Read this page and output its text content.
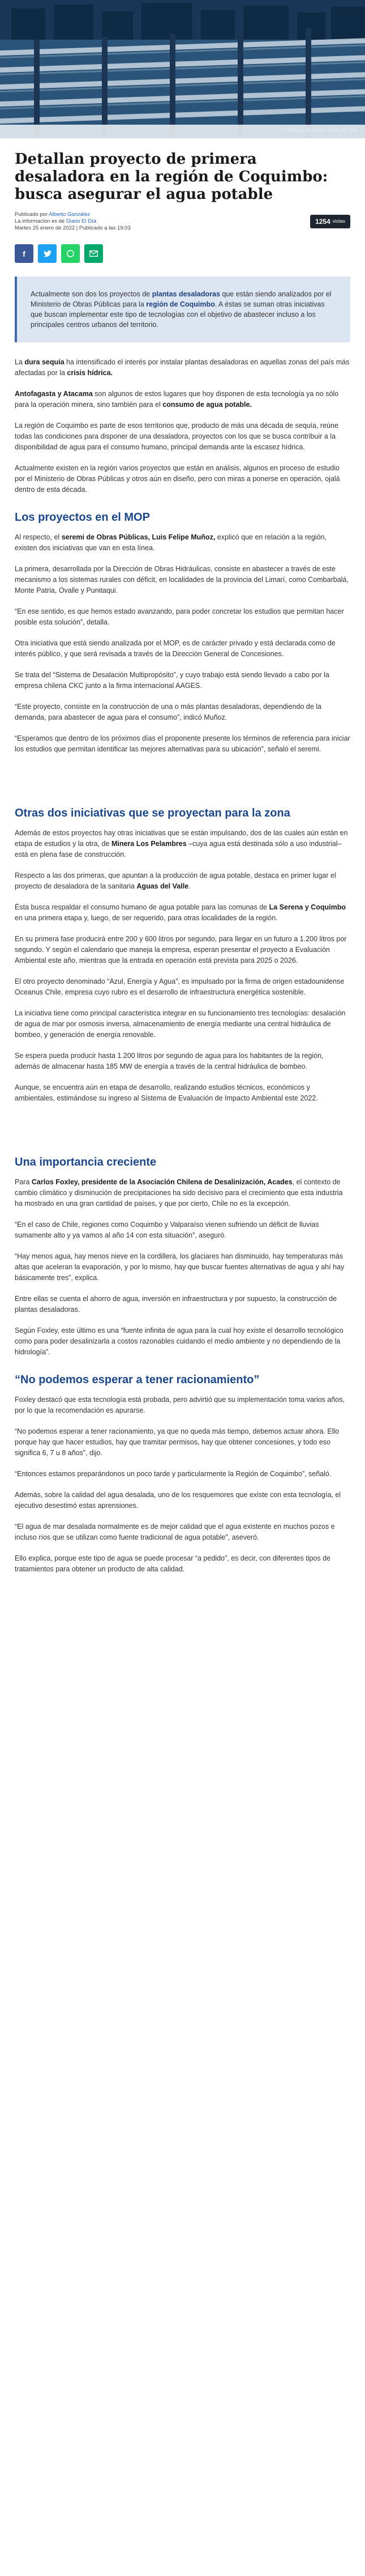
Créditos: Terrain / Vista El Día
Detallan proyecto de primera desaladora en la región de Coquimbo: busca asegurar el agua potable
Publicado por Alberto González
La información es de Diario El Día
Martes 25 enero de 2022 | Publicado a las 19:03
1254 visitas
f
Actualmente son dos los proyectos de plantas desaladoras que están siendo analizados por el Ministerio de Obras Públicas para la región de Coquimbo. A éstas se suman otras iniciativas que buscan implementar este tipo de tecnologías con el objetivo de abastecer incluso a los principales centros urbanos del territorio.

La dura sequía ha intensificado el interés por instalar plantas desaladoras en aquellas zonas del país más afectadas por la crisis hídrica.

Antofagasta y Atacama son algunos de estos lugares que hoy disponen de esta tecnología ya no sólo para la operación minera, sino también para el consumo de agua potable.

La región de Coquimbo es parte de esos territorios que, producto de más una década de sequía, reúne todas las condiciones para disponer de una desaladora, proyectos con los que se busca contribuir a la disponibilidad de agua para el consumo humano, principal demanda ante la escasez hídrica.

Actualmente existen en la región varios proyectos que están en análisis, algunos en proceso de estudio por el Ministerio de Obras Públicas y otros aún en diseño, pero con miras a ponerse en operación, ojalá dentro de esta década.

Los proyectos en el MOP

Al respecto, el seremi de Obras Públicas, Luis Felipe Muñoz, explicó que en relación a la región, existen dos iniciativas que van en esta línea.

La primera, desarrollada por la Dirección de Obras Hidráulicas, consiste en abastecer a través de este mecanismo a los sistemas rurales con déficit, en localidades de la provincia del Limarí, como Combarbalá, Monte Patria, Ovalle y Punitaqui.

“En ese sentido, es que hemos estado avanzando, para poder concretar los estudios que permitan hacer posible esta solución”, detalla.

Otra iniciativa que está siendo analizada por el MOP, es de carácter privado y está declarada como de interés público, y que será revisada a través de la Dirección General de Concesiones.

Se trata del “Sistema de Desalación Multipropósito”, y cuyo trabajo está siendo llevado a cabo por la empresa chilena CKC junto a la firma internacional AAGES.

“Este proyecto, consiste en la construcción de una o más plantas desaladoras, dependiendo de la demanda, para abastecer de agua para el consumo”, indicó Muñoz.

“Esperamos que dentro de los próximos días el proponente presente los términos de referencia para iniciar los estudios que permitan identificar las mejores alternativas para su ubicación”, señaló el seremi.

Otras dos iniciativas que se proyectan para la zona

Además de estos proyectos hay otras iniciativas que se están impulsando, dos de las cuales aún están en etapa de estudios y la otra, de Minera Los Pelambres –cuya agua está destinada sólo a uso industrial– está en plena fase de construcción.

Respecto a las dos primeras, que apuntan a la producción de agua potable, destaca en primer lugar el proyecto de desaladora de la sanitaria Aguas del Valle.

Ésta busca respaldar el consumo humano de agua potable para las comunas de La Serena y Coquimbo en una primera etapa y, luego, de ser requerido, para otras localidades de la región.

En su primera fase producirá entre 200 y 600 litros por segundo, para llegar en un futuro a 1.200 litros por segundo. Y según el calendario que maneja la empresa, esperan presentar el proyecto a Evaluación Ambiental este año, mientras que la entrada en operación está prevista para 2025 o 2026.

El otro proyecto denominado “Azul, Energía y Agua”, es impulsado por la firma de origen estadounidense Oceanus Chile, empresa cuyo rubro es el desarrollo de infraestructura energética sostenible.

La iniciativa tiene como principal característica integrar en su funcionamiento tres tecnologías: desalación de agua de mar por osmosis inversa, almacenamiento de energía mediante una central hidráulica de bombeo, y generación de energía renovable.

Se espera pueda producir hasta 1.200 litros por segundo de agua para los habitantes de la región, además de almacenar hasta 185 MW de energía a través de la central hidráulica de bombeo.

Aunque, se encuentra aún en etapa de desarrollo, realizando estudios técnicos, económicos y ambientales, estimándose su ingreso al Sistema de Evaluación de Impacto Ambiental este 2022.

Una importancia creciente

Para Carlos Foxley, presidente de la Asociación Chilena de Desalinización, Acades, el contexto de cambio climático y disminución de precipitaciones ha sido decisivo para el crecimiento que esta industria ha mostrado en una gran cantidad de países, y que por cierto, Chile no es la excepción.

“En el caso de Chile, regiones como Coquimbo y Valparaíso vienen sufriendo un déficit de lluvias sumamente alto y ya vamos al año 14 con esta situación”, aseguró.

“Hay menos agua, hay menos nieve en la cordillera, los glaciares han disminuido, hay temperaturas más altas que aceleran la evaporación, y por lo mismo, hay que buscar fuentes alternativas de agua y ahí hay básicamente tres”, explica.

Entre ellas se cuenta el ahorro de agua, inversión en infraestructura y por supuesto, la construcción de plantas desaladoras.

Según Foxley, este último es una “fuente infinita de agua para la cual hoy existe el desarrollo tecnológico como para poder desalinizarla a costos razonables cuidando el medio ambiente y no dependiendo de la hidrología”.

“No podemos esperar a tener racionamiento”

Foxley destacó que esta tecnología está probada, pero advirtió que su implementación toma varios años, por lo que la recomendación es apurarse.

“No podemos esperar a tener racionamiento, ya que no queda más tiempo, debemos actuar ahora. Ello porque hay que hacer estudios, hay que tramitar permisos, hay que obtener concesiones, y todo eso significa 6, 7 u 8 años”, dijo.

“Entonces estamos preparándonos un poco tarde y particularmente la Región de Coquimbo”, señaló.

Además, sobre la calidad del agua desalada, uno de los resquemores que existe con esta tecnología, el ejecutivo desestimó estas aprensiones.

“El agua de mar desalada normalmente es de mejor calidad que el agua existente en muchos pozos e incluso ríos que se utilizan como fuente tradicional de agua potable”, aseveró.

Ello explica, porque este tipo de agua se puede procesar “a pedido”, es decir, con diferentes tipos de tratamientos para obtener un producto de alta calidad.
